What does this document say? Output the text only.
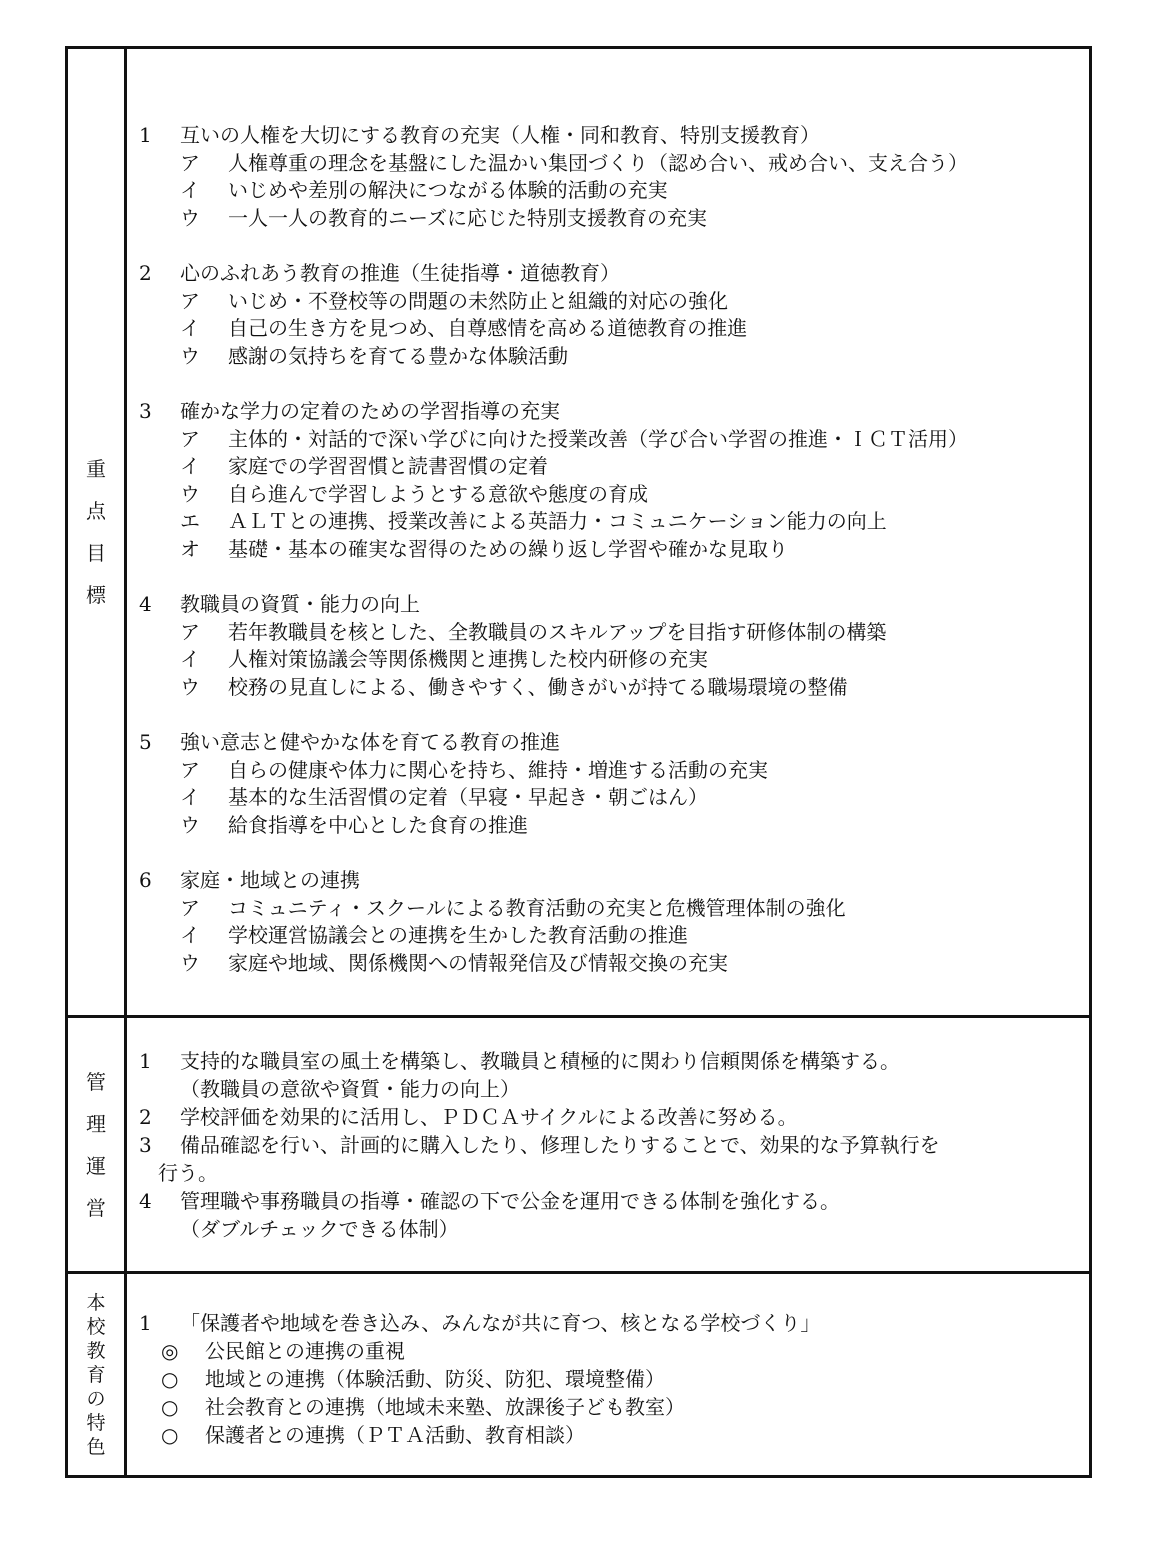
重
点
目
標
1 互いの人権を大切にする教育の充実（人権・同和教育、特別支援教育）
ア 人権尊重の理念を基盤にした温かい集団づくり（認め合い、戒め合い、支え合う）
イ いじめや差別の解決につながる体験的活動の充実
ウ 一人一人の教育的ニーズに応じた特別支援教育の充実
2 心のふれあう教育の推進（生徒指導・道徳教育）
ア いじめ・不登校等の問題の未然防止と組織的対応の強化
イ 自己の生き方を見つめ、自尊感情を高める道徳教育の推進
ウ 感謝の気持ちを育てる豊かな体験活動
3 確かな学力の定着のための学習指導の充実
ア 主体的・対話的で深い学びに向けた授業改善（学び合い学習の推進・ＩＣＴ活用）
イ 家庭での学習習慣と読書習慣の定着
ウ 自ら進んで学習しようとする意欲や態度の育成
エ ＡＬＴとの連携、授業改善による英語力・コミュニケーション能力の向上
オ 基礎・基本の確実な習得のための繰り返し学習や確かな見取り
4 教職員の資質・能力の向上
ア 若年教職員を核とした、全教職員のスキルアップを目指す研修体制の構築
イ 人権対策協議会等関係機関と連携した校内研修の充実
ウ 校務の見直しによる、働きやすく、働きがいが持てる職場環境の整備
5 強い意志と健やかな体を育てる教育の推進
ア 自らの健康や体力に関心を持ち、維持・増進する活動の充実
イ 基本的な生活習慣の定着（早寝・早起き・朝ごはん）
ウ 給食指導を中心とした食育の推進
6 家庭・地域との連携
ア コミュニティ・スクールによる教育活動の充実と危機管理体制の強化
イ 学校運営協議会との連携を生かした教育活動の推進
ウ 家庭や地域、関係機関への情報発信及び情報交換の充実
管
理
運
営
1 支持的な職員室の風土を構築し、教職員と積極的に関わり信頼関係を構築する。
（教職員の意欲や資質・能力の向上）
2 学校評価を効果的に活用し、ＰＤＣＡサイクルによる改善に努める。
3 備品確認を行い、計画的に購入したり、修理したりすることで、効果的な予算執行を
行う。
4 管理職や事務職員の指導・確認の下で公金を運用できる体制を強化する。
（ダブルチェックできる体制）
本
校
教
育
の
特
色
1 「保護者や地域を巻き込み、みんなが共に育つ、核となる学校づくり」
◎ 公民館との連携の重視
○ 地域との連携（体験活動、防災、防犯、環境整備）
○ 社会教育との連携（地域未来塾、放課後子ども教室）
○ 保護者との連携（ＰＴＡ活動、教育相談）
